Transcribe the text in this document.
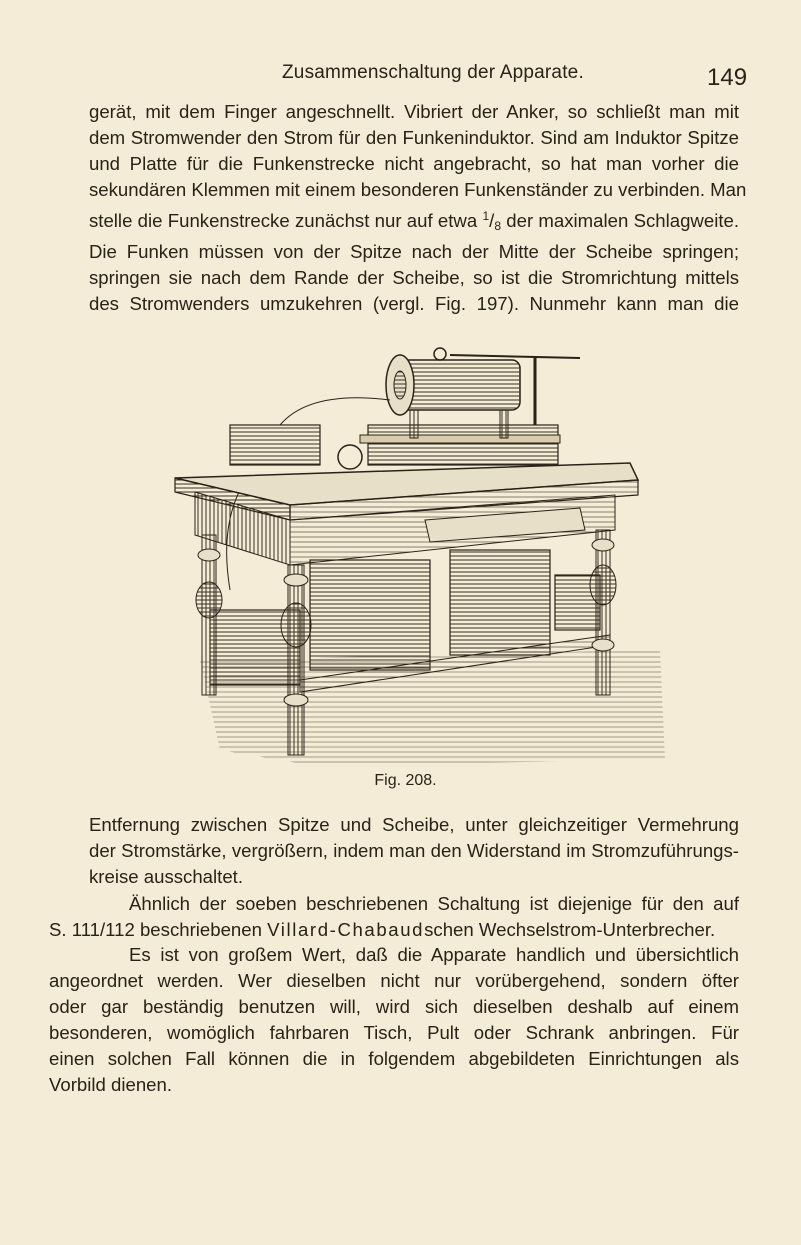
Zusammenschaltung der Apparate.	149

gerät, mit dem Finger angeschnellt. Vibriert der Anker, so schließt man mit
dem Stromwender den Strom für den Funkeninduktor. Sind am Induktor Spitze
und Platte für die Funkenstrecke nicht angebracht, so hat man vorher die
sekundären Klemmen mit einem besonderen Funkenständer zu verbinden. Man
stelle die Funkenstrecke zunächst nur auf etwa $^1/_8$ der maximalen Schlagweite.
Die Funken müssen von der Spitze nach der Mitte der Scheibe springen;
springen sie nach dem Rande der Scheibe, so ist die Stromrichtung mittels
des Stromwenders umzukehren (vergl. Fig. 197). Nunmehr kann man die

Fig. 208.

Entfernung zwischen Spitze und Scheibe, unter gleichzeitiger Vermehrung
der Stromstärke, vergrößern, indem man den Widerstand im Stromzuführungs-
kreise ausschaltet.

Ähnlich der soeben beschriebenen Schaltung ist diejenige für den auf
S. 111/112 beschriebenen Villard-Chabaudschen Wechselstrom-Unterbrecher.

Es ist von großem Wert, daß die Apparate handlich und übersichtlich
angeordnet werden. Wer dieselben nicht nur vorübergehend, sondern öfter
oder gar beständig benutzen will, wird sich dieselben deshalb auf einem
besonderen, womöglich fahrbaren Tisch, Pult oder Schrank anbringen. Für
einen solchen Fall können die in folgendem abgebildeten Einrichtungen als
Vorbild dienen.
